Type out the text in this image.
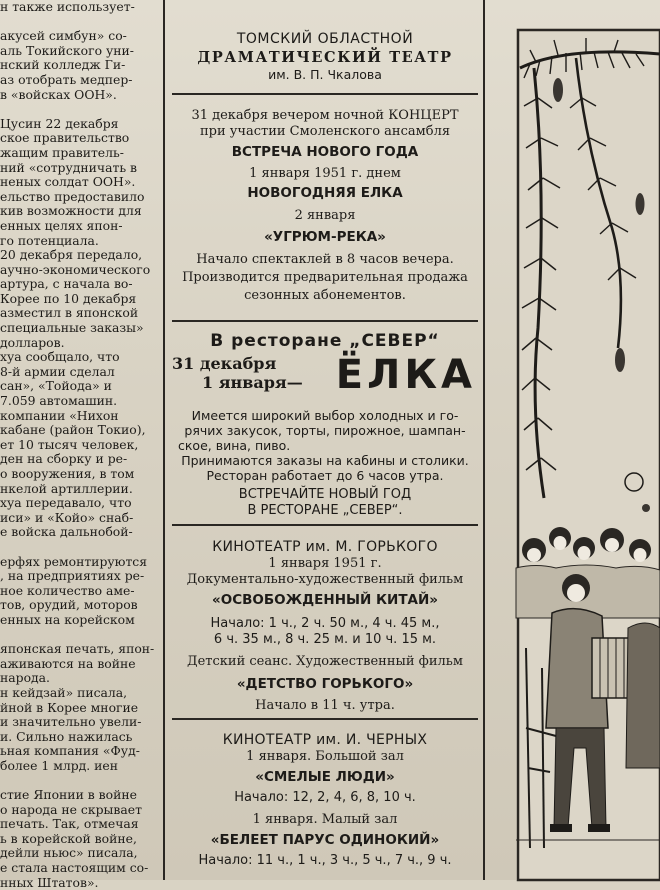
н также использует-

акусей симбун» со-

аль Токийского уни-

нский колледж Ги-

аз отобрать медпер-

в «войсках ООН».

Цусин 22 декабря

ское правительство

жащим правитель-

ний «сотрудничать в

неных солдат ООН».

ельство предоставило

кив возможности для

енных целях япон-

го потенциала.

20 декабря передало,

аучно-экономического

артура, с начала во-

Корее по 10 декабря

азместил в японской

специальные заказы»

долларов.

хуа сообщало, что

8-й армии сделал

сан», «Тойода» и

7.059 автомашин.

компании «Нихон

кабане (район Токио),

ет 10 тысяч человек,

ден на сборку и ре-

о вооружения, в том

нкелой артиллерии.

хуа передавало, что

иси» и «Койо» снаб-

е войска дальнобой-

ерфях ремонтируются

, на предприятиях ре-

ное количество аме-

тов, орудий, моторов

енных на корейском

японская печать, япон-

аживаются на войне

народа.

н кейдзай» писала,

йной в Корее многие

и значительно увели-

и. Сильно нажилась

ьная компания «Фуд-

более 1 млрд. иен

стие Японии в войне

о народа не скрывает

печать. Так, отмечая

ь в корейской войне,

дейли ньюс» писала,

е стала настоящим со-

нных Штатов».

ТОМСКИЙ ОБЛАСТНОЙ

ДРАМАТИЧЕСКИЙ ТЕАТР

им. В. П. Чкалова

31 декабря вечером ночной КОНЦЕРТ

при участии Смоленского ансамбля

ВСТРЕЧА НОВОГО ГОДА

1 января 1951 г. днем

НОВОГОДНЯЯ ЕЛКА

2 января

«УГРЮМ-РЕКА»

Начало спектаклей в 8 часов вечера.

Производится предварительная продажа

сезонных абонементов.

В ресторане „СЕВЕР“

31 декабря
1 января— ЁЛКА

Имеется широкий выбор холодных и го-

рячих закусок, торты, пирожное, шампан-

ское, вина, пиво.

Принимаются заказы на кабины и столики.

Ресторан работает до 6 часов утра.

ВСТРЕЧАЙТЕ НОВЫЙ ГОД

В РЕСТОРАНЕ „СЕВЕР“.

КИНОТЕАТР им. М. ГОРЬКОГО

1 января 1951 г.

Документально-художественный фильм

«ОСВОБОЖДЕННЫЙ КИТАЙ»

Начало: 1 ч., 2 ч. 50 м., 4 ч. 45 м.,

6 ч. 35 м., 8 ч. 25 м. и 10 ч. 15 м.

Детский сеанс. Художественный фильм

«ДЕТСТВО ГОРЬКОГО»

Начало в 11 ч. утра.

КИНОТЕАТР им. И. ЧЕРНЫХ

1 января. Большой зал

«СМЕЛЫЕ ЛЮДИ»

Начало: 12, 2, 4, 6, 8, 10 ч.

1 января. Малый зал

«БЕЛЕЕТ ПАРУС ОДИНОКИЙ»

Начало: 11 ч., 1 ч., 3 ч., 5 ч., 7 ч., 9 ч.
